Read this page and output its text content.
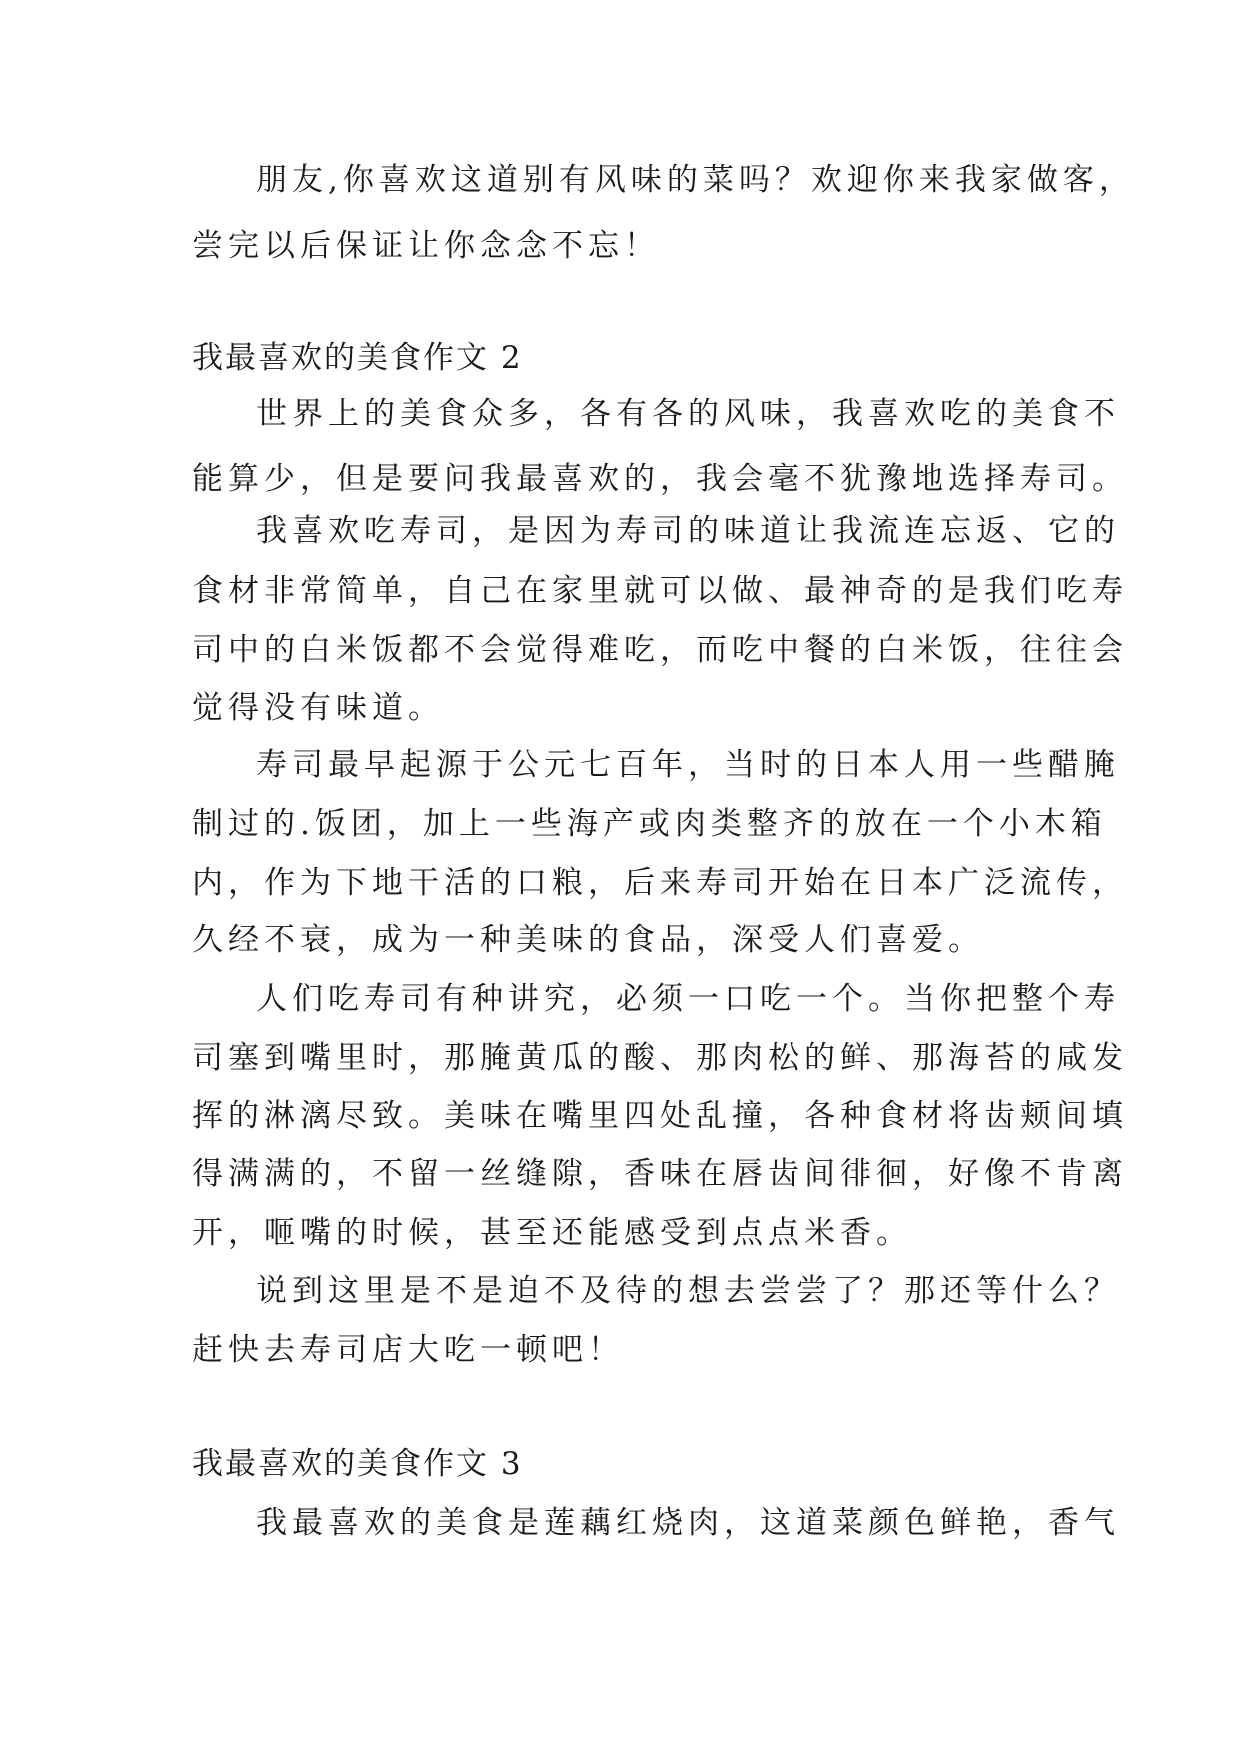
朋友,你喜欢这道别有风味的菜吗？欢迎你来我家做客，
尝完以后保证让你念念不忘！
我最喜欢的美食作文 2
世界上的美食众多，各有各的风味，我喜欢吃的美食不
能算少，但是要问我最喜欢的，我会毫不犹豫地选择寿司。
我喜欢吃寿司，是因为寿司的味道让我流连忘返、它的
食材非常简单，自己在家里就可以做、最神奇的是我们吃寿
司中的白米饭都不会觉得难吃，而吃中餐的白米饭，往往会
觉得没有味道。
寿司最早起源于公元七百年，当时的日本人用一些醋腌
制过的.饭团，加上一些海产或肉类整齐的放在一个小木箱
内，作为下地干活的口粮，后来寿司开始在日本广泛流传，
久经不衰，成为一种美味的食品，深受人们喜爱。
人们吃寿司有种讲究，必须一口吃一个。当你把整个寿
司塞到嘴里时，那腌黄瓜的酸、那肉松的鲜、那海苔的咸发
挥的淋漓尽致。美味在嘴里四处乱撞，各种食材将齿颊间填
得满满的，不留一丝缝隙，香味在唇齿间徘徊，好像不肯离
开，咂嘴的时候，甚至还能感受到点点米香。
说到这里是不是迫不及待的想去尝尝了？那还等什么？
赶快去寿司店大吃一顿吧！
我最喜欢的美食作文 3
我最喜欢的美食是莲藕红烧肉，这道菜颜色鲜艳，香气
